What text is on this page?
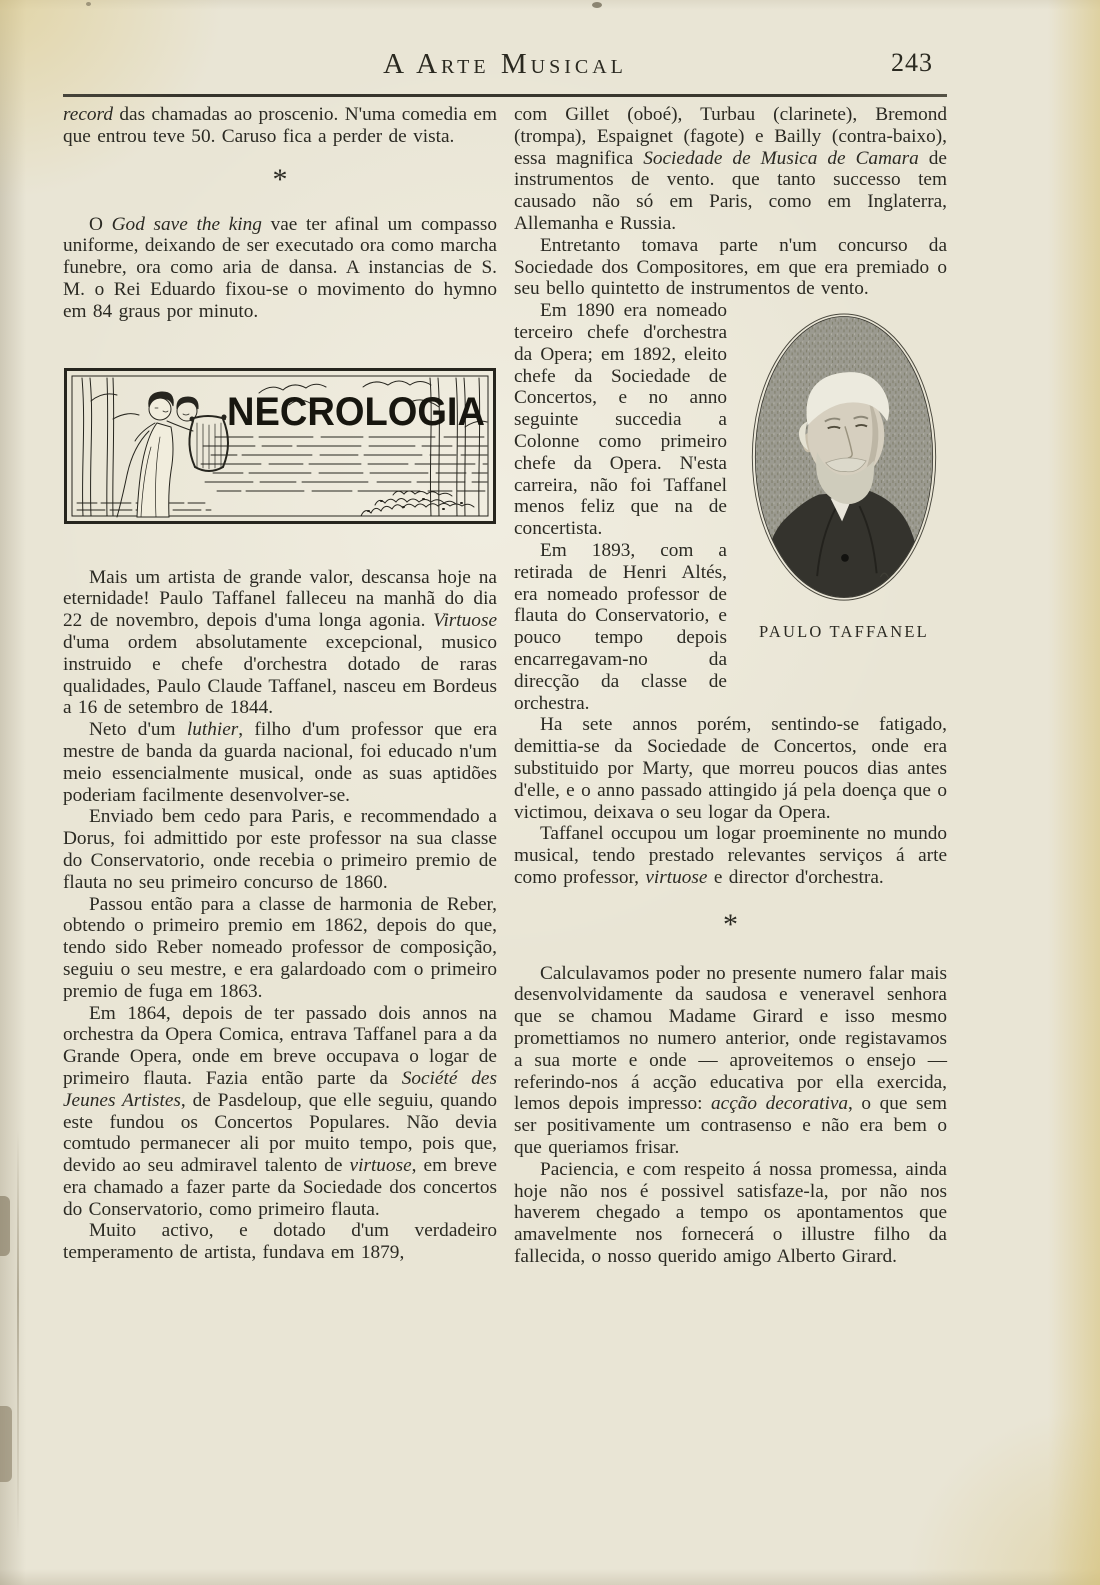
A Arte Musical	243

record das chamadas ao proscenio. N'uma comedia em que entrou teve 50. Caruso fica a perder de vista.

*

O God save the king vae ter afinal um compasso uniforme, deixando de ser executado ora como marcha funebre, ora como aria de dansa. A instancias de S. M. o Rei Eduardo fixou-se o movimento do hymno em 84 graus por minuto.

NECROLOGIA

Mais um artista de grande valor, descansa hoje na eternidade! Paulo Taffanel falleceu na manhã do dia 22 de novembro, depois d'uma longa agonia. Virtuose d'uma ordem absolutamente excepcional, musico instruido e chefe d'orchestra dotado de raras qualidades, Paulo Claude Taffanel, nasceu em Bordeus a 16 de setembro de 1844.

Neto d'um luthier, filho d'um professor que era mestre de banda da guarda nacional, foi educado n'um meio essencialmente musical, onde as suas aptidões poderiam facilmente desenvolver-se.

Enviado bem cedo para Paris, e recommendado a Dorus, foi admittido por este professor na sua classe do Conservatorio, onde recebia o primeiro premio de flauta no seu primeiro concurso de 1860.

Passou então para a classe de harmonia de Reber, obtendo o primeiro premio em 1862, depois do que, tendo sido Reber nomeado professor de composição, seguiu o seu mestre, e era galardoado com o primeiro premio de fuga em 1863.

Em 1864, depois de ter passado dois annos na orchestra da Opera Comica, entrava Taffanel para a da Grande Opera, onde em breve occupava o logar de primeiro flauta. Fazia então parte da Société des Jeunes Artistes, de Pasdeloup, que elle seguiu, quando este fundou os Concertos Populares. Não devia comtudo permanecer ali por muito tempo, pois que, devido ao seu admiravel talento de virtuose, em breve era chamado a fazer parte da Sociedade dos concertos do Conservatorio, como primeiro flauta.

Muito activo, e dotado d'um verdadeiro temperamento de artista, fundava em 1879,

com Gillet (oboé), Turbau (clarinete), Bremond (trompa), Espaignet (fagote) e Bailly (contra-baixo), essa magnifica Sociedade de Musica de Camara de instrumentos de vento. que tanto successo tem causado não só em Paris, como em Inglaterra, Allemanha e Russia.

Entretanto tomava parte n'um concurso da Sociedade dos Compositores, em que era premiado o seu bello quintetto de instrumentos de vento.

PAULO TAFFANEL

Em 1890 era nomeado terceiro chefe d'orchestra da Opera; em 1892, eleito chefe da Sociedade de Concertos, e no anno seguinte succedia a Colonne como primeiro chefe da Opera. N'esta carreira, não foi Taffanel menos feliz que na de concertista.

Em 1893, com a retirada de Henri Altés, era nomeado professor de flauta do Conservatorio, e pouco tempo depois encarregavam-no da direcção da classe de orchestra.

Ha sete annos porém, sentindo-se fatigado, demittia-se da Sociedade de Concertos, onde era substituido por Marty, que morreu poucos dias antes d'elle, e o anno passado attingido já pela doença que o victimou, deixava o seu logar da Opera.

Taffanel occupou um logar proeminente no mundo musical, tendo prestado relevantes serviços á arte como professor, virtuose e director d'orchestra.

*

Calculavamos poder no presente numero falar mais desenvolvidamente da saudosa e veneravel senhora que se chamou Madame Girard e isso mesmo promettiamos no numero anterior, onde registavamos a sua morte e onde — aproveitemos o ensejo — referindo-nos á acção educativa por ella exercida, lemos depois impresso: acção decorativa, o que sem ser positivamente um contrasenso e não era bem o que queriamos frisar.

Paciencia, e com respeito á nossa promessa, ainda hoje não nos é possivel satisfaze-la, por não nos haverem chegado a tempo os apontamentos que amavelmente nos fornecerá o illustre filho da fallecida, o nosso querido amigo Alberto Girard.
